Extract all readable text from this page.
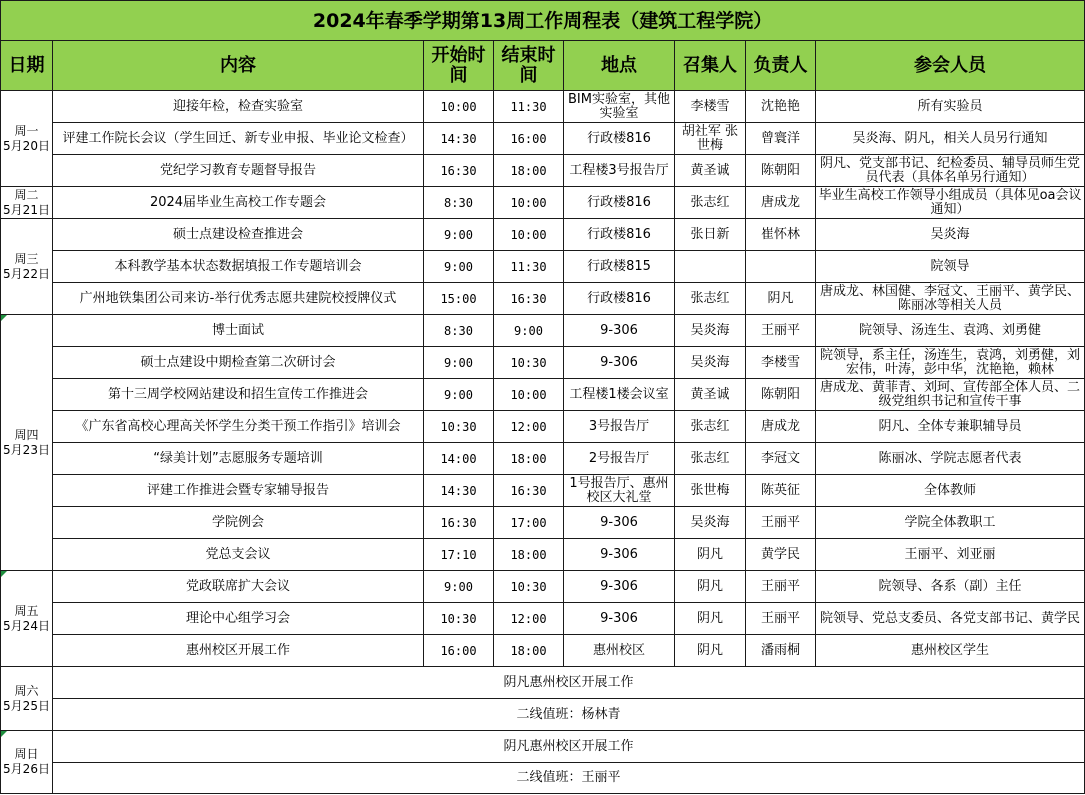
2024年春季学期第13周工作周程表（建筑工程学院）							
日期	内容	开始时间	结束时间	地点	召集人	负责人	参会人员

周一
5月20日	迎接年检，检查实验室	10:00	11:30	BIM实验室，其他实验室	李楼雪	沈艳艳	所有实验员
	评建工作院长会议（学生回迁、新专业申报、毕业论文检查）	14:30	16:00	行政楼816	胡社军 张世梅	曾寰洋	吴炎海、阴凡，相关人员另行通知
	党纪学习教育专题督导报告	16:30	18:00	工程楼3号报告厅	黄圣诚	陈朝阳	阴凡、党支部书记、纪检委员、辅导员师生党员代表（具体名单另行通知）

周二
5月21日	2024届毕业生高校工作专题会	8:30	10:00	行政楼816	张志红	唐成龙	毕业生高校工作领导小组成员（具体见oa会议通知）

周三
5月22日	硕士点建设检查推进会	9:00	10:00	行政楼816	张日新	崔怀林	吴炎海
	本科教学基本状态数据填报工作专题培训会	9:00	11:30	行政楼815			院领导
	广州地铁集团公司来访-举行优秀志愿共建院校授牌仪式	15:00	16:30	行政楼816	张志红	阴凡	唐成龙、林国健、李冠文、王丽平、黄学民、陈丽冰等相关人员

周四
5月23日	博士面试	8:30	9:00	9-306	吴炎海	王丽平	院领导、汤连生、袁鸿、刘勇健
	硕士点建设中期检查第二次研讨会	9:00	10:30	9-306	吴炎海	李楼雪	院领导，系主任，汤连生，袁鸿，刘勇健，刘宏伟，叶涛，彭中华，沈艳艳，赖林
	第十三周学校网站建设和招生宣传工作推进会	9:00	10:00	工程楼1楼会议室	黄圣诚	陈朝阳	唐成龙、黄菲青、刘珂、宣传部全体人员、二级党组织书记和宣传干事
	《广东省高校心理高关怀学生分类干预工作指引》培训会	10:30	12:00	3号报告厅	张志红	唐成龙	阴凡、全体专兼职辅导员
	“绿美计划”志愿服务专题培训	14:00	18:00	2号报告厅	张志红	李冠文	陈丽冰、学院志愿者代表
	评建工作推进会暨专家辅导报告	14:30	16:30	1号报告厅、惠州校区大礼堂	张世梅	陈英征	全体教师
	学院例会	16:30	17:00	9-306	吴炎海	王丽平	学院全体教职工
	党总支会议	17:10	18:00	9-306	阴凡	黄学民	王丽平、刘亚丽

周五
5月24日	党政联席扩大会议	9:00	10:30	9-306	阴凡	王丽平	院领导、各系（副）主任
	理论中心组学习会	10:30	12:00	9-306	阴凡	王丽平	院领导、党总支委员、各党支部书记、黄学民
	惠州校区开展工作	16:00	18:00	惠州校区	阴凡	潘雨桐	惠州校区学生

周六
5月25日	阴凡惠州校区开展工作						
	二线值班：杨林青						

周日
5月26日	阴凡惠州校区开展工作						
	二线值班：王丽平						
